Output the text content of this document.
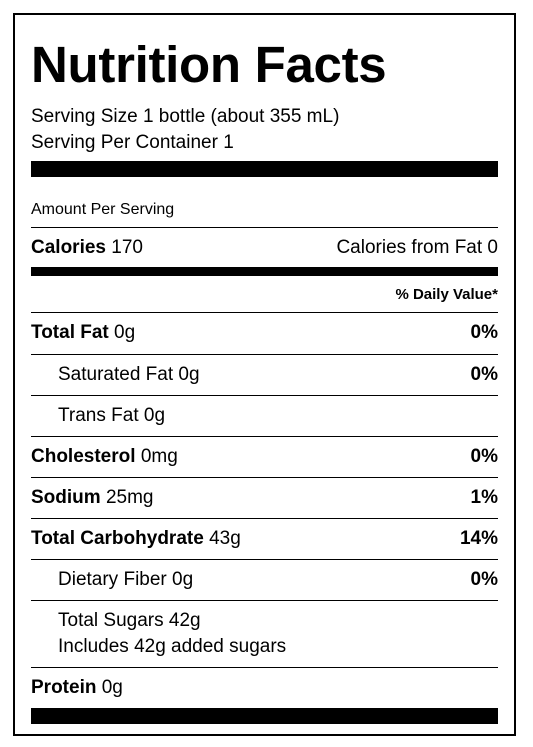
Nutrition Facts
Serving Size 1 bottle (about 355 mL)
Serving Per Container 1
Amount Per Serving
Calories 170	Calories from Fat 0
% Daily Value*
Total Fat 0g	0%
Saturated Fat 0g	0%
Trans Fat 0g
Cholesterol 0mg	0%
Sodium 25mg	1%
Total Carbohydrate 43g	14%
Dietary Fiber 0g	0%
Total Sugars 42g
Includes 42g added sugars
Protein 0g
